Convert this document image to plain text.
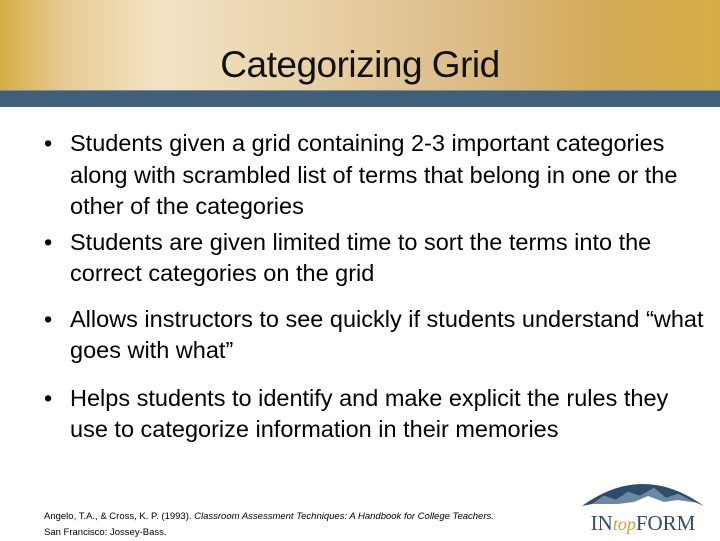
Categorizing Grid
• Students given a grid containing 2-3 important categories along with scrambled list of terms that belong in one or the other of the categories
• Students are given limited time to sort the terms into the correct categories on the grid
• Allows instructors to see quickly if students understand “what goes with what”
• Helps students to identify and make explicit the rules they use to categorize information in their memories
Angelo, T.A., & Cross, K. P. (1993). Classroom Assessment Techniques: A Handbook for College Teachers.
San Francisco: Jossey-Bass.	INtopFORM
